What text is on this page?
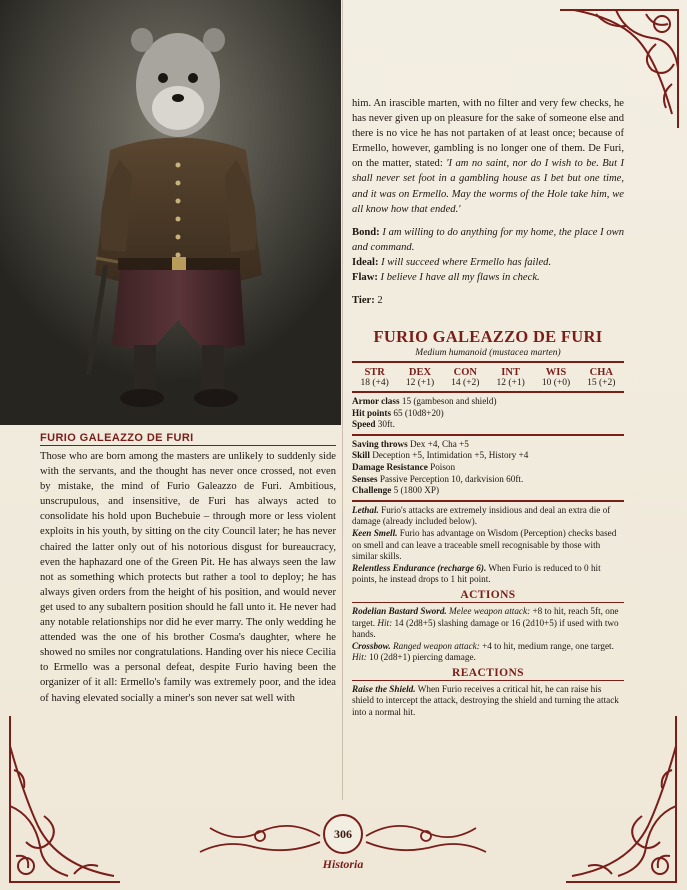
FURIO GALEAZZO DE FURI

Those who are born among the masters are unlikely to suddenly side with the servants, and the thought has never once crossed, not even by mistake, the mind of Furio Galeazzo de Furi. Ambitious, unscrupulous, and insensitive, de Furi has always acted to consolidate his hold upon Buchebuie – through more or less violent exploits in his youth, by sitting on the city Council later; he has never chaired the latter only out of his notorious disgust for bureaucracy, even the haphazard one of the Green Pit. He has always seen the law not as something which protects but rather a tool to deploy; he has always given orders from the height of his position, and would never get used to any subaltern position should he fall unto it. He never had any notable relationships nor did he ever marry. The only wedding he attended was the one of his brother Cosma's daughter, where he showed no smiles nor congratulations. Handing over his niece Cecilia to Ermello was a personal defeat, despite Furio having been the organizer of it all: Ermello's family was extremely poor, and the idea of having elevated socially a miner's son never sat well with

him. An irascible marten, with no filter and very few checks, he has never given up on pleasure for the sake of someone else and there is no vice he has not partaken of at least once; because of Ermello, however, gambling is no longer one of them. De Furi, on the matter, stated: 'I am no saint, nor do I wish to be. But I shall never set foot in a gambling house as I bet but one time, and it was on Ermello. May the worms of the Hole take him, we all know how that ended.'

Bond: I am willing to do anything for my home, the place I own and command.

Ideal: I will succeed where Ermello has failed.

Flaw: I believe I have all my flaws in check.

Tier: 2

FURIO GALEAZZO DE FURI
Medium humanoid (mustacea marten)
STR
18 (+4)
DEX
12 (+1)
CON
14 (+2)
INT
12 (+1)
WIS
10 (+0)
CHA
15 (+2)
Armor class 15 (gambeson and shield)
Hit points 65 (10d8+20)
Speed 30ft.
Saving throws Dex +4, Cha +5
Skill Deception +5, Intimidation +5, History +4
Damage Resistance Poison
Senses Passive Perception 10, darkvision 60ft.
Challenge 5 (1800 XP)
Lethal. Furio's attacks are extremely insidious and deal an extra die of damage (already included below).
Keen Smell. Furio has advantage on Wisdom (Perception) checks based on smell and can leave a traceable smell recognisable by those with similar skills.
Relentless Endurance (recharge 6). When Furio is reduced to 0 hit points, he instead drops to 1 hit point.
ACTIONS
Rodelian Bastard Sword. Melee weapon attack: +8 to hit, reach 5ft, one target. Hit: 14 (2d8+5) slashing damage or 16 (2d10+5) if used with two hands.
Crossbow. Ranged weapon attack: +4 to hit, medium range, one target. Hit: 10 (2d8+1) piercing damage.
REACTIONS
Raise the Shield. When Furio receives a critical hit, he can raise his shield to intercept the attack, destroying the shield and turning the attack into a normal hit.
306
Historia
